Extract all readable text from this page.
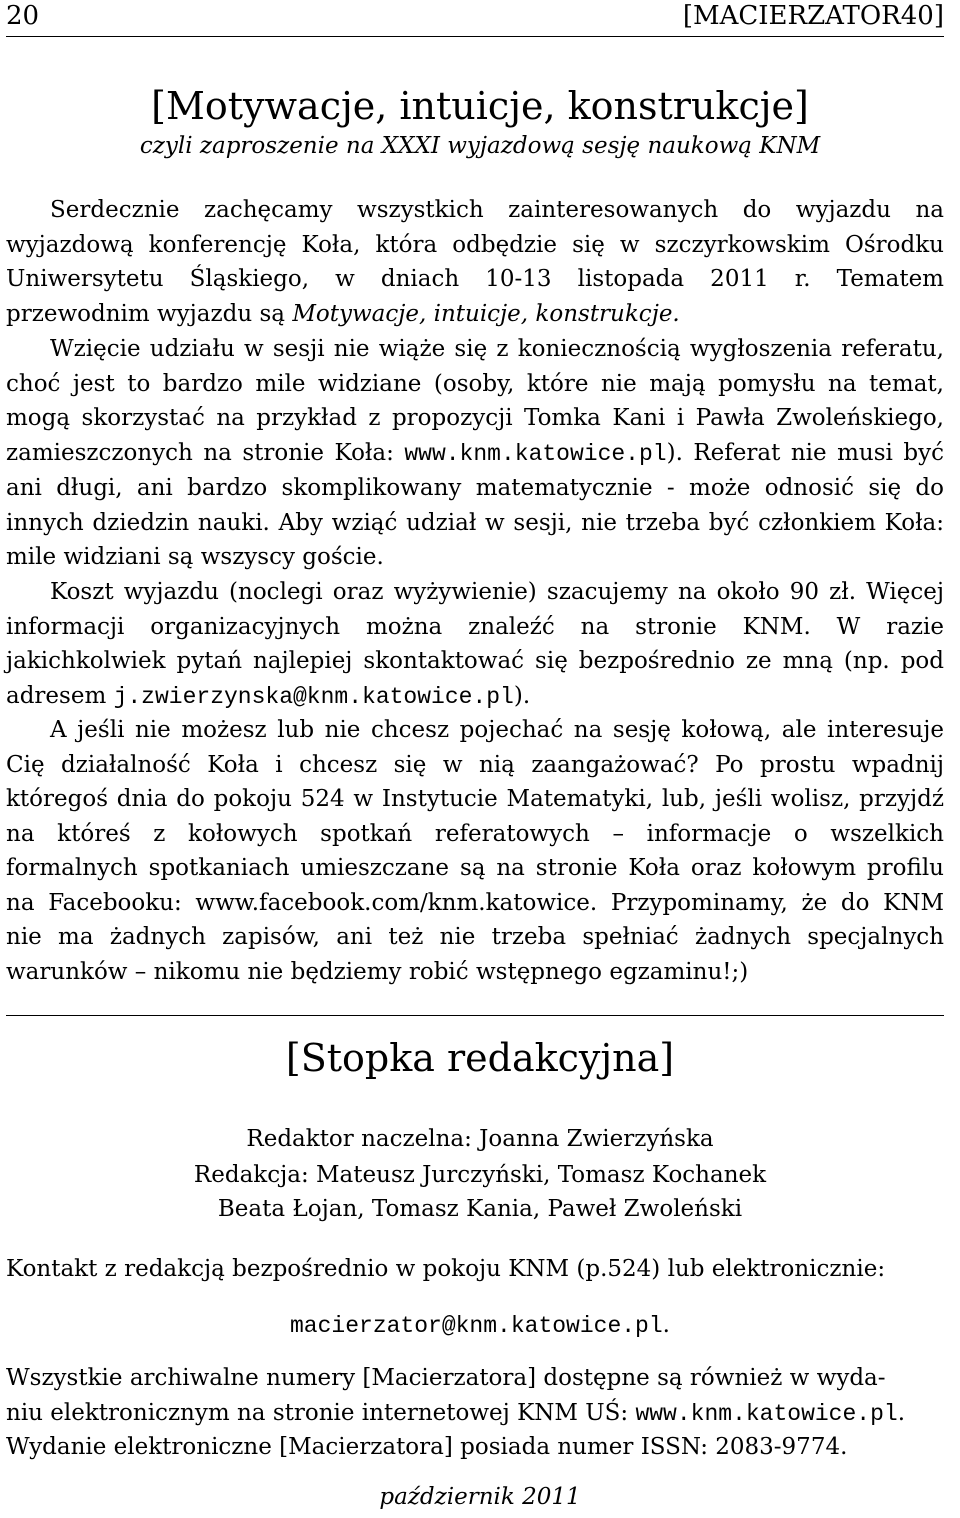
20	[MACIERZATOR40]
[Motywacje, intuicje, konstrukcje]
czyli zaproszenie na XXXI wyjazdową sesję naukową KNM

Serdecznie zachęcamy wszystkich zainteresowanych do wyjazdu na wyjazdową konferencję Koła, która odbędzie się w szczyrkowskim Ośrodku Uniwersytetu Śląskiego, w dniach 10-13 listopada 2011 r. Tematem przewodnim wyjazdu są Motywacje, intuicje, konstrukcje.

Wzięcie udziału w sesji nie wiąże się z koniecznością wygłoszenia referatu, choć jest to bardzo mile widziane (osoby, które nie mają pomysłu na temat, mogą skorzystać na przykład z propozycji Tomka Kani i Pawła Zwoleńskiego, zamieszczonych na stronie Koła: www.knm.katowice.pl). Referat nie musi być ani długi, ani bardzo skomplikowany matematycznie - może odnosić się do innych dziedzin nauki. Aby wziąć udział w sesji, nie trzeba być członkiem Koła: mile widziani są wszyscy goście.

Koszt wyjazdu (noclegi oraz wyżywienie) szacujemy na około 90 zł. Więcej informacji organizacyjnych można znaleźć na stronie KNM. W razie jakichkolwiek pytań najlepiej skontaktować się bezpośrednio ze mną (np. pod adresem j.zwierzynska@knm.katowice.pl).

A jeśli nie możesz lub nie chcesz pojechać na sesję kołową, ale interesuje Cię działalność Koła i chcesz się w nią zaangażować? Po prostu wpadnij któregoś dnia do pokoju 524 w Instytucie Matematyki, lub, jeśli wolisz, przyjdź na któreś z kołowych spotkań referatowych – informacje o wszelkich formalnych spotkaniach umieszczane są na stronie Koła oraz kołowym profilu na Facebooku: www.facebook.com/knm.katowice. Przypominamy, że do KNM nie ma żadnych zapisów, ani też nie trzeba spełniać żadnych specjalnych warunków – nikomu nie będziemy robić wstępnego egzaminu!;)

[Stopka redakcyjna]
Redaktor naczelna: Joanna Zwierzyńska
Redakcja: Mateusz Jurczyński, Tomasz Kochanek
Beata Łojan, Tomasz Kania, Paweł Zwoleński
Kontakt z redakcją bezpośrednio w pokoju KNM (p.524) lub elektronicznie:
macierzator@knm.katowice.pl.
Wszystkie archiwalne numery [Macierzatora] dostępne są również w wyda-
niu elektronicznym na stronie internetowej KNM UŚ: www.knm.katowice.pl.
Wydanie elektroniczne [Macierzatora] posiada numer ISSN: 2083-9774.
październik 2011
